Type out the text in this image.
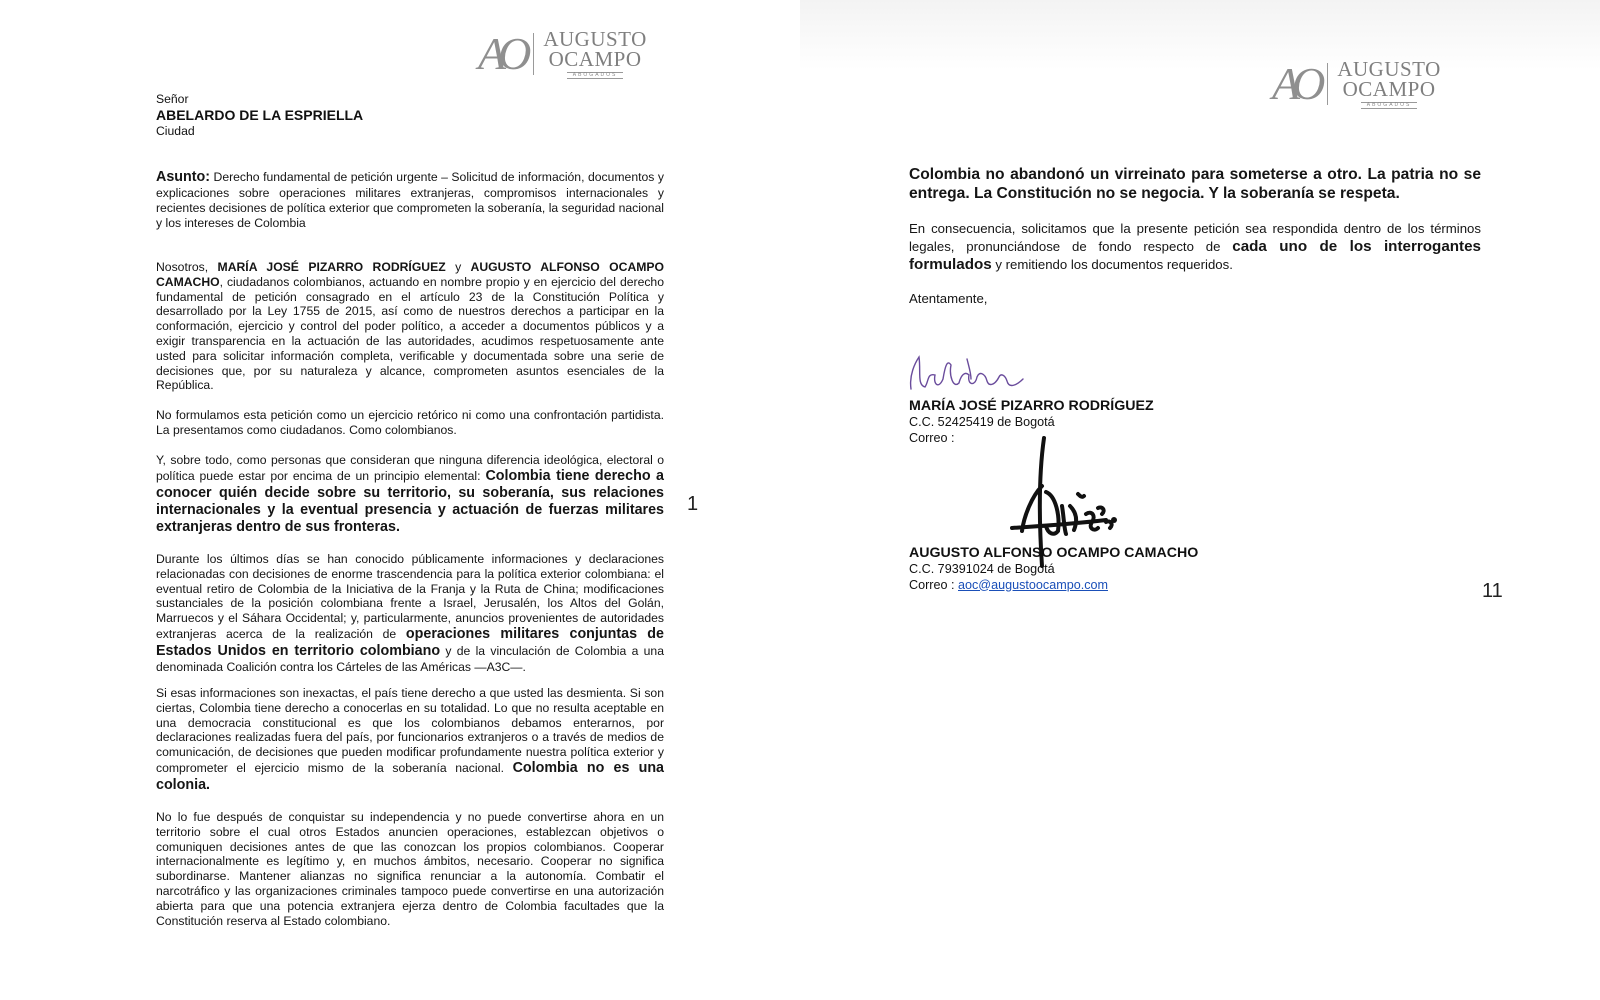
AO AUGUSTO
OCAMPO
ABOGADOS
Señor
ABELARDO DE LA ESPRIELLA
Ciudad

Asunto: Derecho fundamental de petición urgente – Solicitud de información, documentos y explicaciones sobre operaciones militares extranjeras, compromisos internacionales y recientes decisiones de política exterior que comprometen la soberanía, la seguridad nacional y los intereses de Colombia

Nosotros, MARÍA JOSÉ PIZARRO RODRÍGUEZ y AUGUSTO ALFONSO OCAMPO CAMACHO, ciudadanos colombianos, actuando en nombre propio y en ejercicio del derecho fundamental de petición consagrado en el artículo 23 de la Constitución Política y desarrollado por la Ley 1755 de 2015, así como de nuestros derechos a participar en la conformación, ejercicio y control del poder político, a acceder a documentos públicos y a exigir transparencia en la actuación de las autoridades, acudimos respetuosamente ante usted para solicitar información completa, verificable y documentada sobre una serie de decisiones que, por su naturaleza y alcance, comprometen asuntos esenciales de la República.

No formulamos esta petición como un ejercicio retórico ni como una confrontación partidista. La presentamos como ciudadanos. Como colombianos.

Y, sobre todo, como personas que consideran que ninguna diferencia ideológica, electoral o política puede estar por encima de un principio elemental: Colombia tiene derecho a conocer quién decide sobre su territorio, su soberanía, sus relaciones internacionales y la eventual presencia y actuación de fuerzas militares extranjeras dentro de sus fronteras.

Durante los últimos días se han conocido públicamente informaciones y declaraciones relacionadas con decisiones de enorme trascendencia para la política exterior colombiana: el eventual retiro de Colombia de la Iniciativa de la Franja y la Ruta de China; modificaciones sustanciales de la posición colombiana frente a Israel, Jerusalén, los Altos del Golán, Marruecos y el Sáhara Occidental; y, particularmente, anuncios provenientes de autoridades extranjeras acerca de la realización de operaciones militares conjuntas de Estados Unidos en territorio colombiano y de la vinculación de Colombia a una denominada Coalición contra los Cárteles de las Américas —A3C—.

Si esas informaciones son inexactas, el país tiene derecho a que usted las desmienta. Si son ciertas, Colombia tiene derecho a conocerlas en su totalidad. Lo que no resulta aceptable en una democracia constitucional es que los colombianos debamos enterarnos, por declaraciones realizadas fuera del país, por funcionarios extranjeros o a través de medios de comunicación, de decisiones que pueden modificar profundamente nuestra política exterior y comprometer el ejercicio mismo de la soberanía nacional. Colombia no es una colonia.

No lo fue después de conquistar su independencia y no puede convertirse ahora en un territorio sobre el cual otros Estados anuncien operaciones, establezcan objetivos o comuniquen decisiones antes de que las conozcan los propios colombianos. Cooperar internacionalmente es legítimo y, en muchos ámbitos, necesario. Cooperar no significa subordinarse. Mantener alianzas no significa renunciar a la autonomía. Combatir el narcotráfico y las organizaciones criminales tampoco puede convertirse en una autorización abierta para que una potencia extranjera ejerza dentro de Colombia facultades que la Constitución reserva al Estado colombiano.

1
AO AUGUSTO
OCAMPO
ABOGADOS

Colombia no abandonó un virreinato para someterse a otro. La patria no se entrega. La Constitución no se negocia. Y la soberanía se respeta.

En consecuencia, solicitamos que la presente petición sea respondida dentro de los términos legales, pronunciándose de fondo respecto de cada uno de los interrogantes formulados y remitiendo los documentos requeridos.

Atentamente,

MARÍA JOSÉ PIZARRO RODRÍGUEZ
C.C. 52425419 de Bogotá
Correo :
AUGUSTO ALFONSO OCAMPO CAMACHO
C.C. 79391024 de Bogotá
Correo : aoc@augustoocampo.com	11
